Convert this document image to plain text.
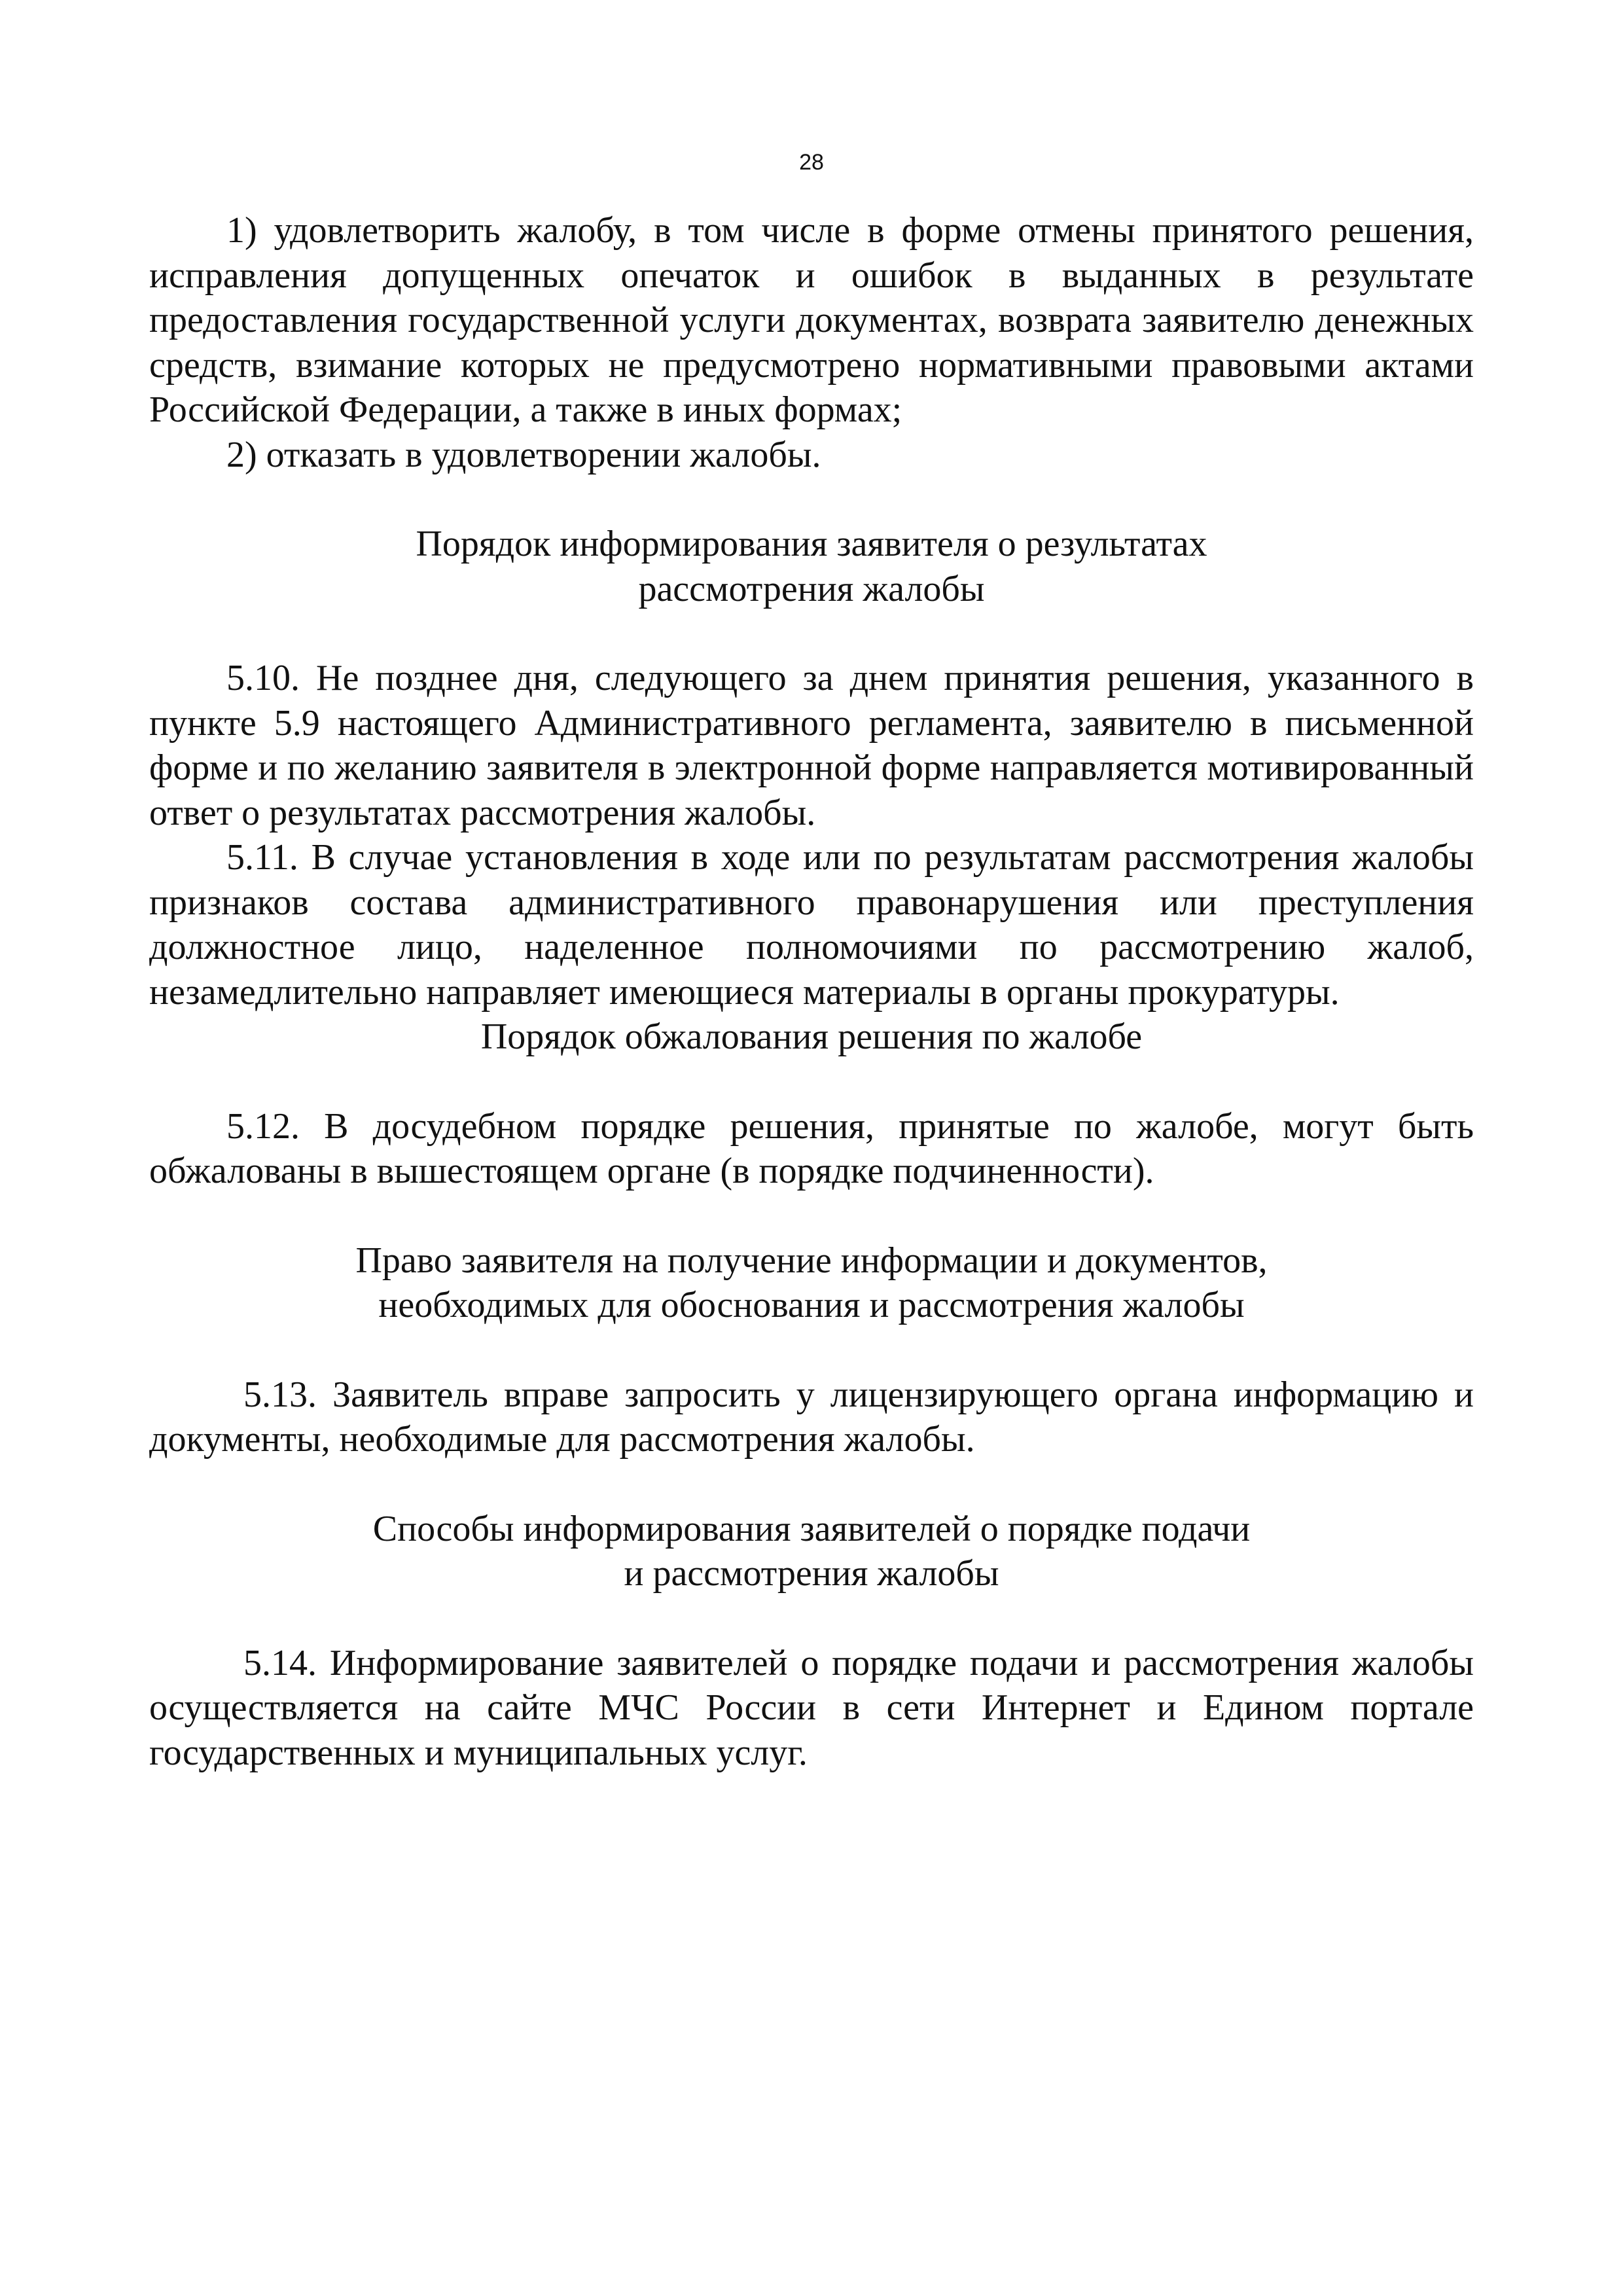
28

1) удовлетворить жалобу, в том числе в форме отмены принятого решения, исправления допущенных опечаток и ошибок в выданных в результате предоставления государственной услуги документах, возврата заявителю денежных средств, взимание которых не предусмотрено нормативными правовыми актами Российской Федерации, а также в иных формах;

2) отказать в удовлетворении жалобы.

Порядок информирования заявителя о результатах
рассмотрения жалобы

5.10. Не позднее дня, следующего за днем принятия решения, указанного в пункте 5.9 настоящего Административного регламента, заявителю в письменной форме и по желанию заявителя в электронной форме направляется мотивированный ответ о результатах рассмотрения жалобы.

5.11. В случае установления в ходе или по результатам рассмотрения жалобы признаков состава административного правонарушения или преступления должностное лицо, наделенное полномочиями по рассмотрению жалоб, незамедлительно направляет имеющиеся материалы в органы прокуратуры.

Порядок обжалования решения по жалобе

5.12. В досудебном порядке решения, принятые по жалобе, могут быть обжалованы в вышестоящем органе (в порядке подчиненности).

Право заявителя на получение информации и документов,
необходимых для обоснования и рассмотрения жалобы

5.13. Заявитель вправе запросить у лицензирующего органа информацию и документы, необходимые для рассмотрения жалобы.

Способы информирования заявителей о порядке подачи
и рассмотрения жалобы

5.14. Информирование заявителей о порядке подачи и рассмотрения жалобы осуществляется на сайте МЧС России в сети Интернет и Едином портале государственных и муниципальных услуг.
